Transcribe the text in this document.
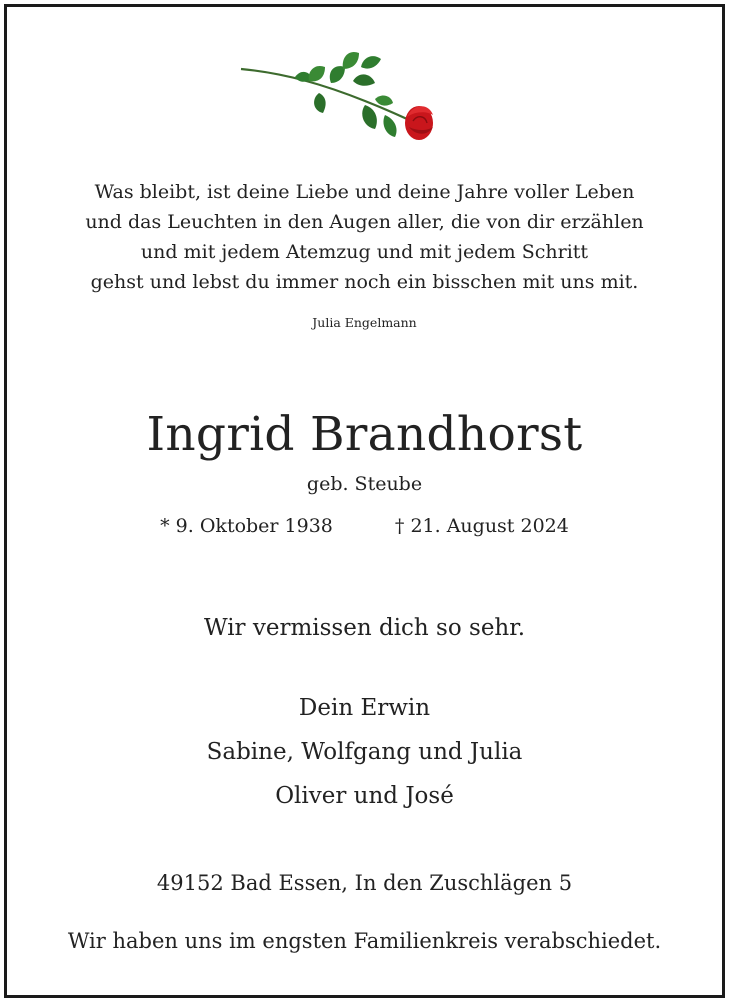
Was bleibt, ist deine Liebe und deine Jahre voller Leben
und das Leuchten in den Augen aller, die von dir erzählen
und mit jedem Atemzug und mit jedem Schritt
gehst und lebst du immer noch ein bisschen mit uns mit.
Julia Engelmann
Ingrid Brandhorst
geb. Steube
* 9. Oktober 1938	† 21. August 2024
Wir vermissen dich so sehr.
Dein Erwin
Sabine, Wolfgang und Julia
Oliver und José
49152 Bad Essen, In den Zuschlägen 5
Wir haben uns im engsten Familienkreis verabschiedet.
